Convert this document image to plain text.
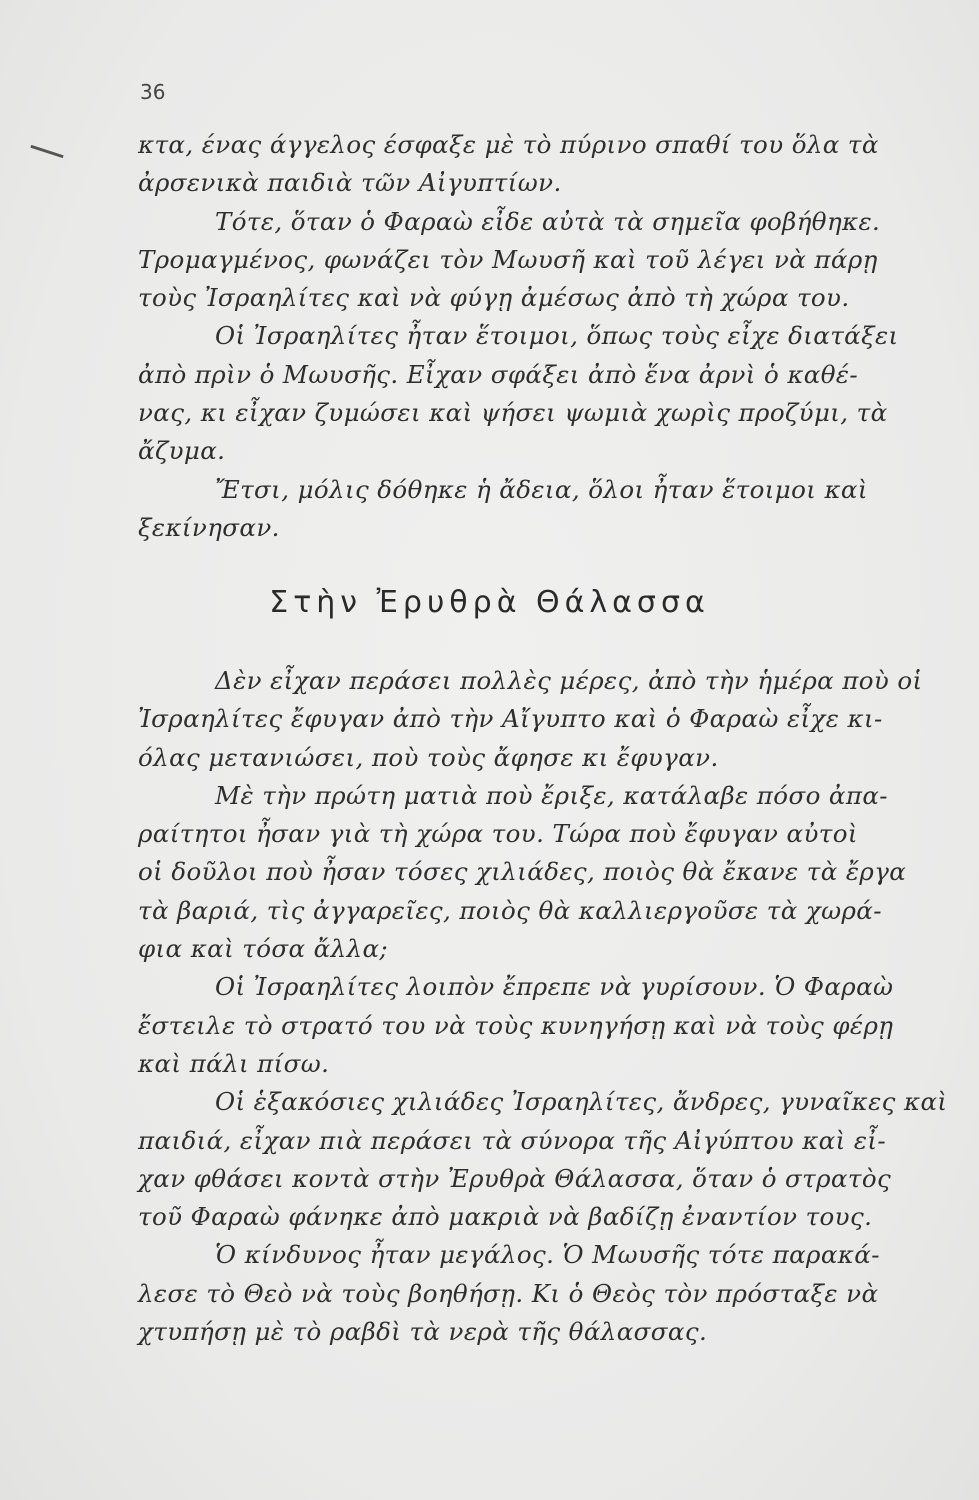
36
κτα, ένας άγγελος έσφαξε μὲ τὸ πύρινο σπαθί του ὅλα τὰ
ἀρσενικὰ παιδιὰ τῶν Αἰγυπτίων.
Τότε, ὅταν ὁ Φαραὼ εἶδε αὐτὰ τὰ σημεῖα φοβήθηκε.
Τρομαγμένος, φωνάζει τὸν Μωυσῆ καὶ τοῦ λέγει νὰ πάρῃ
τοὺς Ἰσραηλίτες καὶ νὰ φύγῃ ἀμέσως ἀπὸ τὴ χώρα του.
Οἱ Ἰσραηλίτες ἦταν ἕτοιμοι, ὅπως τοὺς εἶχε διατάξει
ἀπὸ πρὶν ὁ Μωυσῆς. Εἶχαν σφάξει ἀπὸ ἕνα ἀρνὶ ὁ καθέ-
νας, κι εἶχαν ζυμώσει καὶ ψήσει ψωμιὰ χωρὶς προζύμι, τὰ
ἄζυμα.
Ἔτσι, μόλις δόθηκε ἡ ἄδεια, ὅλοι ἦταν ἕτοιμοι καὶ
ξεκίνησαν.
Στὴν Ἐρυθρὰ Θάλασσα
Δὲν εἶχαν περάσει πολλὲς μέρες, ἀπὸ τὴν ἡμέρα ποὺ οἱ
Ἰσραηλίτες ἔφυγαν ἀπὸ τὴν Αἴγυπτο καὶ ὁ Φαραὼ εἶχε κι-
όλας μετανιώσει, ποὺ τοὺς ἄφησε κι ἔφυγαν.
Μὲ τὴν πρώτη ματιὰ ποὺ ἔριξε, κατάλαβε πόσο ἀπα-
ραίτητοι ἦσαν γιὰ τὴ χώρα του. Τώρα ποὺ ἔφυγαν αὐτοὶ
οἱ δοῦλοι ποὺ ἦσαν τόσες χιλιάδες, ποιὸς θὰ ἔκανε τὰ ἔργα
τὰ βαριά, τὶς ἀγγαρεῖες, ποιὸς θὰ καλλιεργοῦσε τὰ χωρά-
φια καὶ τόσα ἄλλα;
Οἱ Ἰσραηλίτες λοιπὸν ἔπρεπε νὰ γυρίσουν. Ὁ Φαραὼ
ἔστειλε τὸ στρατό του νὰ τοὺς κυνηγήσῃ καὶ νὰ τοὺς φέρῃ
καὶ πάλι πίσω.
Οἱ ἑξακόσιες χιλιάδες Ἰσραηλίτες, ἄνδρες, γυναῖκες καὶ
παιδιά, εἶχαν πιὰ περάσει τὰ σύνορα τῆς Αἰγύπτου καὶ εἶ-
χαν φθάσει κοντὰ στὴν Ἐρυθρὰ Θάλασσα, ὅταν ὁ στρατὸς
τοῦ Φαραὼ φάνηκε ἀπὸ μακριὰ νὰ βαδίζῃ ἐναντίον τους.
Ὁ κίνδυνος ἦταν μεγάλος. Ὁ Μωυσῆς τότε παρακά-
λεσε τὸ Θεὸ νὰ τοὺς βοηθήσῃ. Κι ὁ Θεὸς τὸν πρόσταξε νὰ
χτυπήσῃ μὲ τὸ ραβδὶ τὰ νερὰ τῆς θάλασσας.
